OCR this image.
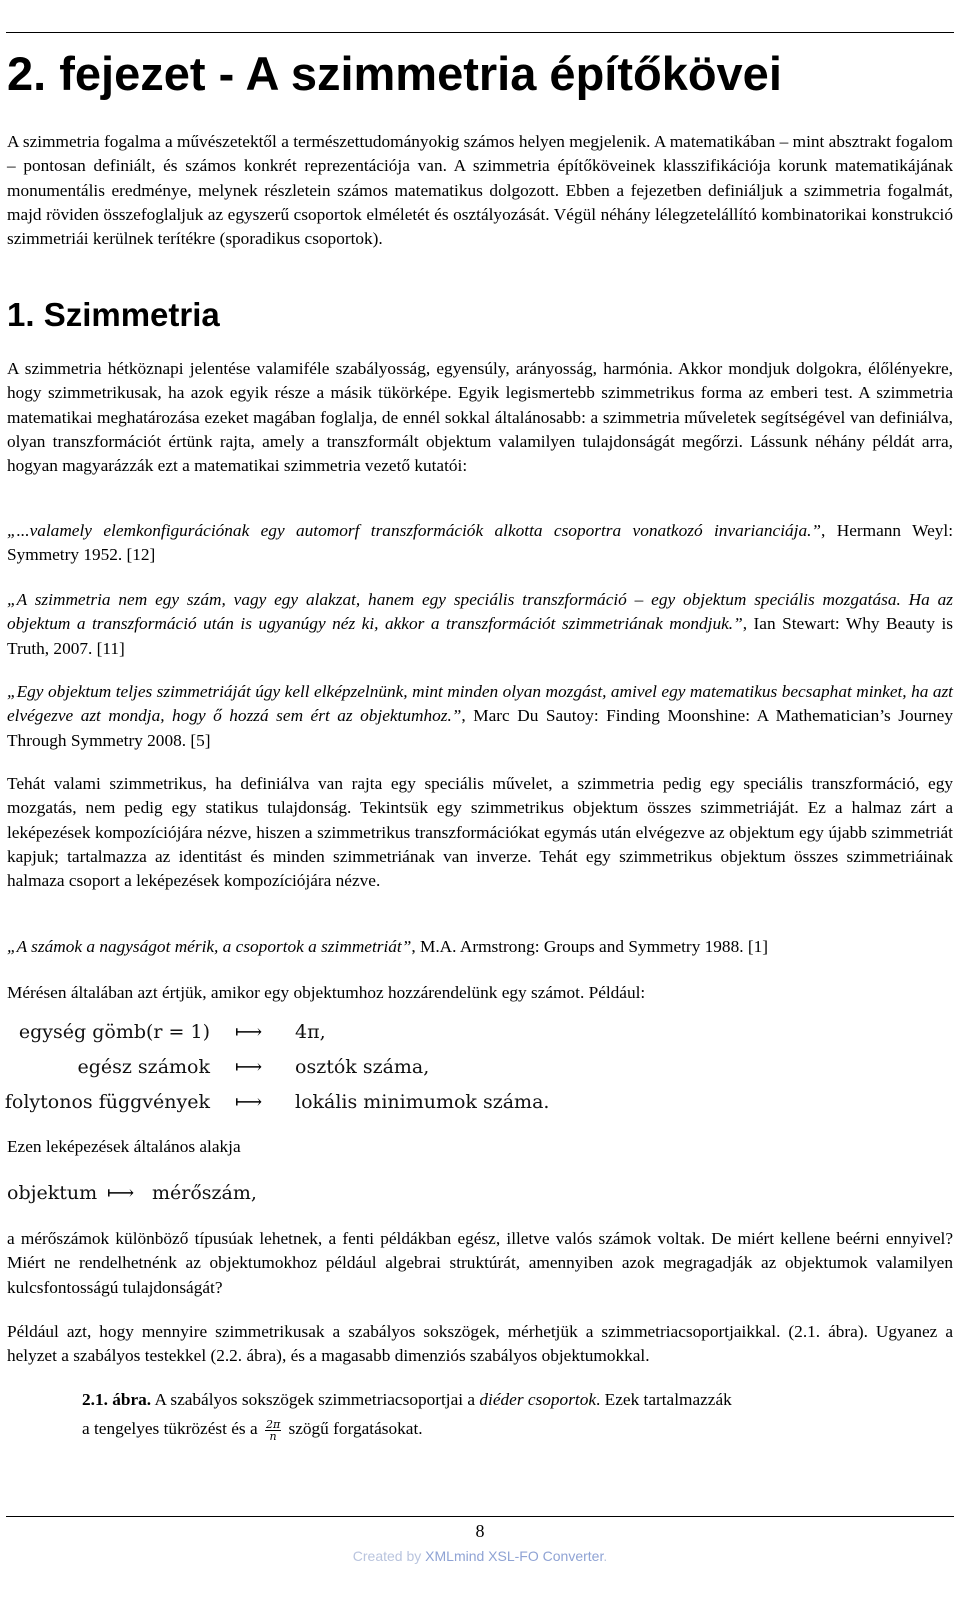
2. fejezet - A szimmetria építőkövei

A szimmetria fogalma a művészetektől a természettudományokig számos helyen megjelenik. A matematikában – mint absztrakt fogalom – pontosan definiált, és számos konkrét reprezentációja van. A szimmetria építőköveinek klasszifikációja korunk matematikájának monumentális eredménye, melynek részletein számos matematikus dolgozott. Ebben a fejezetben definiáljuk a szimmetria fogalmát, majd röviden összefoglaljuk az egyszerű csoportok elméletét és osztályozását. Végül néhány lélegzetelállító kombinatorikai konstrukció szimmetriái kerülnek terítékre (sporadikus csoportok).

1. Szimmetria

A szimmetria hétköznapi jelentése valamiféle szabályosság, egyensúly, arányosság, harmónia. Akkor mondjuk dolgokra, élőlényekre, hogy szimmetrikusak, ha azok egyik része a másik tükörképe. Egyik legismertebb szimmetrikus forma az emberi test. A szimmetria matematikai meghatározása ezeket magában foglalja, de ennél sokkal általánosabb: a szimmetria műveletek segítségével van definiálva, olyan transzformációt értünk rajta, amely a transzformált objektum valamilyen tulajdonságát megőrzi. Lássunk néhány példát arra, hogyan magyarázzák ezt a matematikai szimmetria vezető kutatói:

„...valamely elemkonfigurációnak egy automorf transzformációk alkotta csoportra vonatkozó invarianciája.”, Hermann Weyl: Symmetry 1952. [12]

„A szimmetria nem egy szám, vagy egy alakzat, hanem egy speciális transzformáció – egy objektum speciális mozgatása. Ha az objektum a transzformáció után is ugyanúgy néz ki, akkor a transzformációt szimmetriának mondjuk.”, Ian Stewart: Why Beauty is Truth, 2007. [11]

„Egy objektum teljes szimmetriáját úgy kell elképzelnünk, mint minden olyan mozgást, amivel egy matematikus becsaphat minket, ha azt elvégezve azt mondja, hogy ő hozzá sem ért az objektumhoz.”, Marc Du Sautoy: Finding Moonshine: A Mathematician’s Journey Through Symmetry 2008. [5]

Tehát valami szimmetrikus, ha definiálva van rajta egy speciális művelet, a szimmetria pedig egy speciális transzformáció, egy mozgatás, nem pedig egy statikus tulajdonság. Tekintsük egy szimmetrikus objektum összes szimmetriáját. Ez a halmaz zárt a leképezések kompozíciójára nézve, hiszen a szimmetrikus transzformációkat egymás után elvégezve az objektum egy újabb szimmetriát kapjuk; tartalmazza az identitást és minden szimmetriának van inverze. Tehát egy szimmetrikus objektum összes szimmetriáinak halmaza csoport a leképezések kompozíciójára nézve.

„A számok a nagyságot mérik, a csoportok a szimmetriát”, M.A. Armstrong: Groups and Symmetry 1988. [1]

Mérésen általában azt értjük, amikor egy objektumhoz hozzárendelünk egy számot. Például:

egység gömb(r = 1) ⟼ 4π,
egész számok ⟼ osztók száma,
folytonos függvények ⟼ lokális minimumok száma.

Ezen leképezések általános alakja

objektum ⟼ mérőszám,

a mérőszámok különböző típusúak lehetnek, a fenti példákban egész, illetve valós számok voltak. De miért kellene beérni ennyivel? Miért ne rendelhetnénk az objektumokhoz például algebrai struktúrát, amennyiben azok megragadják az objektumok valamilyen kulcsfontosságú tulajdonságát?

Például azt, hogy mennyire szimmetrikusak a szabályos sokszögek, mérhetjük a szimmetriacsoportjaikkal. (2.1. ábra). Ugyanez a helyzet a szabályos testekkel (2.2. ábra), és a magasabb dimenziós szabályos objektumokkal.

2.1. ábra. A szabályos sokszögek szimmetriacsoportjai a diéder csoportok. Ezek tartalmazzák
a tengelyes tükrözést és a $\frac{2\pi}{n}$ szögű forgatásokat.
8
Created by XMLmind XSL-FO Converter.
